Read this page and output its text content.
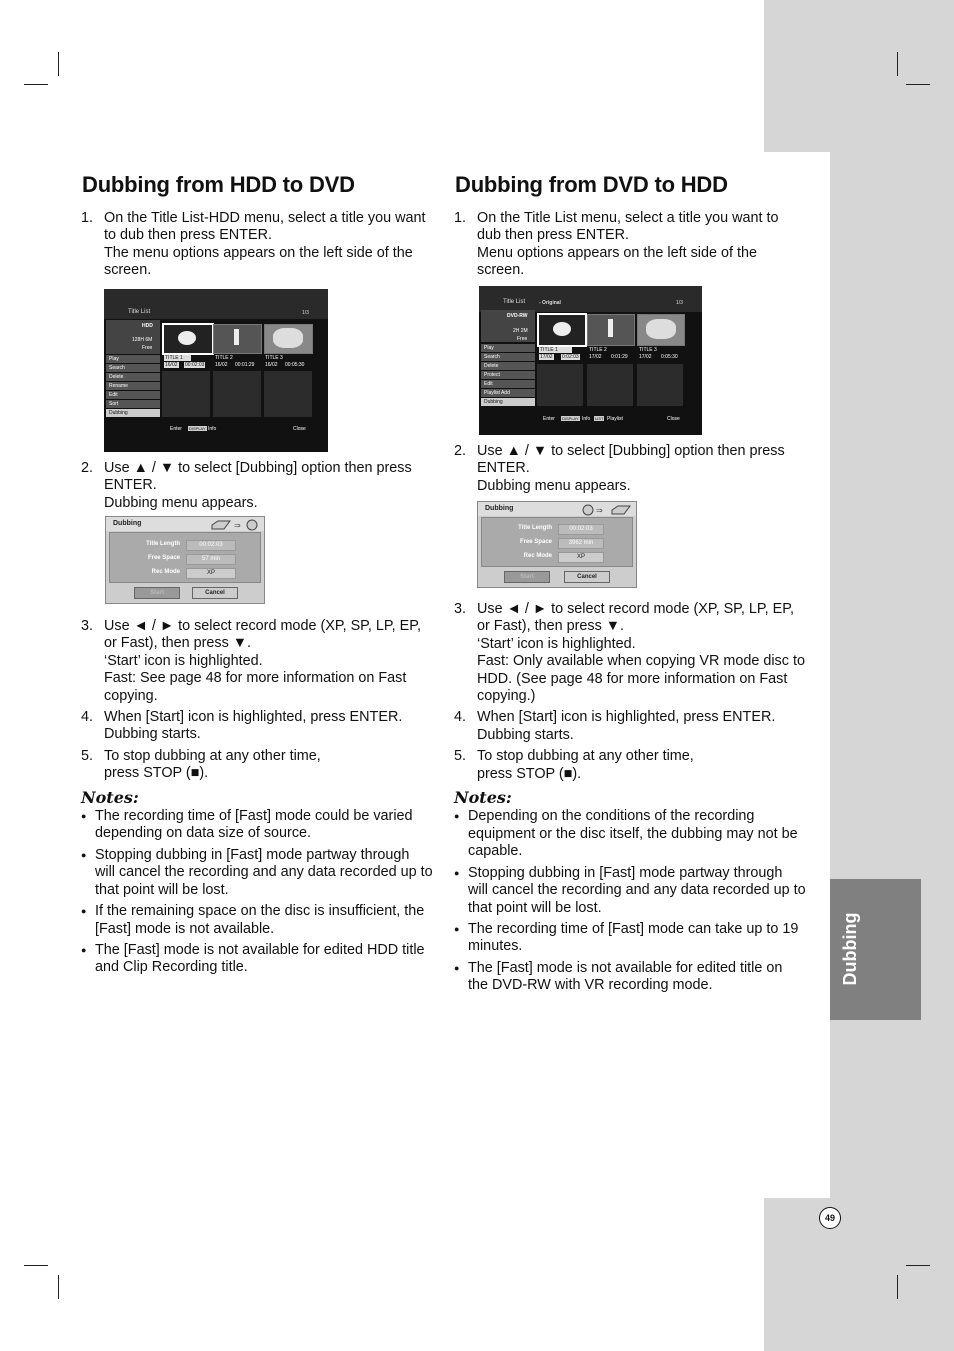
Dubbing
49
Dubbing from HDD to DVD
1. On the Title List-HDD menu, select a title you want to dub then press ENTER.
The menu options appears on the left side of the screen.
Title List	1/3
HDD
128H 6M
Free
Play
Search
Delete
Rename
Edit
Sort
Dubbing
TITLE 1
16/02 00:02:03
TITLE 2
16/02 00:01:29
TITLE 3
16/02 00:05:30
Enter DISPLAY Info	Close
2. Use ▲ / ▼ to select [Dubbing] option then press ENTER.
Dubbing menu appears.
Dubbing	⇒
Title Length	00:02:03
Free Space	57 min
Rec Mode	XP
Start	Cancel
3. Use ◄ / ► to select record mode (XP, SP, LP, EP, or Fast), then press ▼.
‘Start’ icon is highlighted.
Fast: See page 48 for more information on Fast copying.
4. When [Start] icon is highlighted, press ENTER.
Dubbing starts.
5. To stop dubbing at any other time, press STOP (■).
Notes:
● The recording time of [Fast] mode could be varied depending on data size of source.
● Stopping dubbing in [Fast] mode partway through will cancel the recording and any data recorded up to that point will be lost.
● If the remaining space on the disc is insufficient, the [Fast] mode is not available.
● The [Fast] mode is not available for edited HDD title and Clip Recording title.
Dubbing from DVD to HDD
1. On the Title List menu, select a title you want to dub then press ENTER.
Menu options appears on the left side of the screen.
Title List	- Original	1/3
DVD-RW
2H 2M
Free
Play
Search
Delete
Protect
Edit
Playlist Add
Dubbing
TITLE 1
17/02 0:02:03
TITLE 2
17/02 0:01:29
TITLE 3
17/02 0:05:30
Enter DISPLAY Info LIST Playlist	Close
2. Use ▲ / ▼ to select [Dubbing] option then press ENTER.
Dubbing menu appears.
Dubbing	⇒
Title Length	00:02:03
Free Space	3962 min
Rec Mode	XP
Start	Cancel
3. Use ◄ / ► to select record mode (XP, SP, LP, EP, or Fast), then press ▼.
‘Start’ icon is highlighted.
Fast: Only available when copying VR mode disc to HDD. (See page 48 for more information on Fast copying.)
4. When [Start] icon is highlighted, press ENTER.
Dubbing starts.
5. To stop dubbing at any other time, press STOP (■).
Notes:
● Depending on the conditions of the recording equipment or the disc itself, the dubbing may not be capable.
● Stopping dubbing in [Fast] mode partway through will cancel the recording and any data recorded up to that point will be lost.
● The recording time of [Fast] mode can take up to 19 minutes.
● The [Fast] mode is not available for edited title on the DVD-RW with VR recording mode.
